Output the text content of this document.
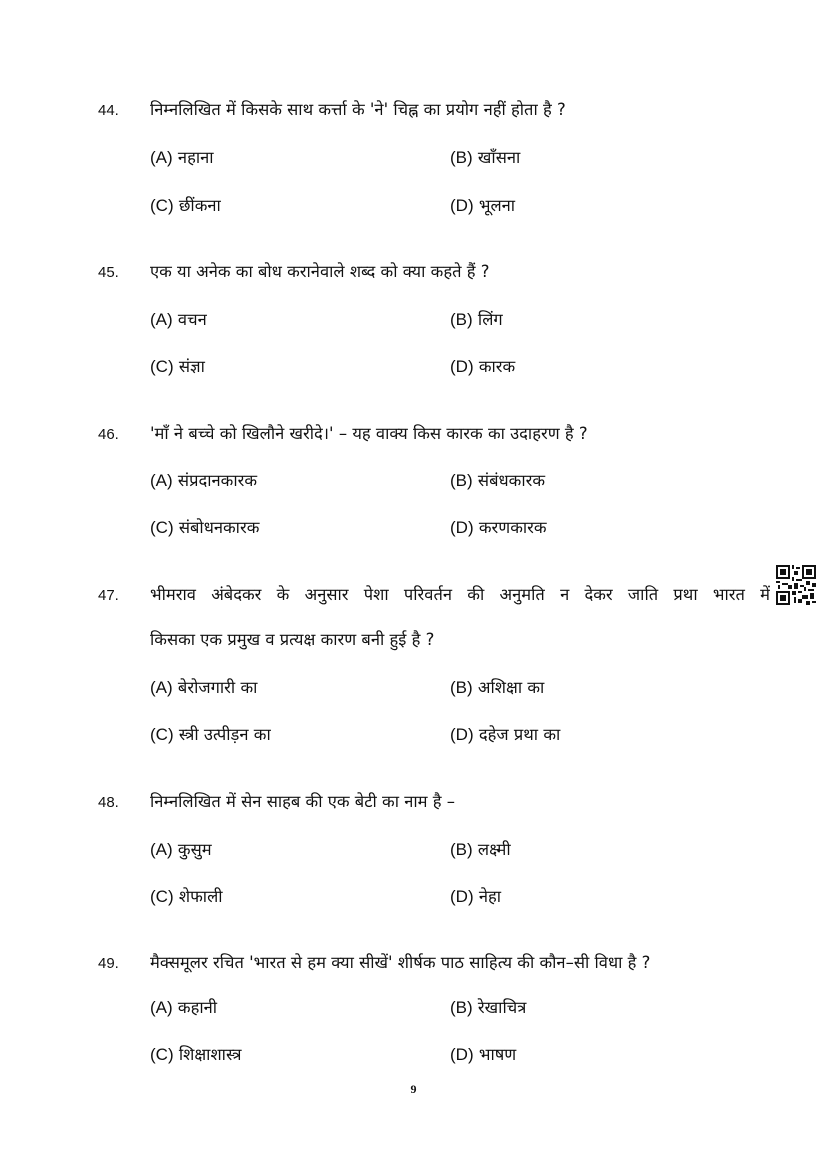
44. निम्नलिखित में किसके साथ कर्त्ता के 'ने' चिह्न का प्रयोग नहीं होता है ?
(A) नहाना	(B) खाँसना
(C) छींकना	(D) भूलना
45. एक या अनेक का बोध करानेवाले शब्द को क्या कहते हैं ?
(A) वचन	(B) लिंग
(C) संज्ञा	(D) कारक
46. 'माँ ने बच्चे को खिलौने खरीदे।' – यह वाक्य किस कारक का उदाहरण है ?
(A) संप्रदानकारक	(B) संबंधकारक
(C) संबोधनकारक	(D) करणकारक
47. भीमराव अंबेदकर के अनुसार पेशा परिवर्तन की अनुमति न देकर जाति प्रथा भारत में
किसका एक प्रमुख व प्रत्यक्ष कारण बनी हुई है ?
(A) बेरोजगारी का	(B) अशिक्षा का
(C) स्त्री उत्पीड़न का	(D) दहेज प्रथा का
48. निम्नलिखित में सेन साहब की एक बेटी का नाम है –
(A) कुसुम	(B) लक्ष्मी
(C) शेफाली	(D) नेहा
49. मैक्समूलर रचित 'भारत से हम क्या सीखें' शीर्षक पाठ साहित्य की कौन–सी विधा है ?
(A) कहानी	(B) रेखाचित्र
(C) शिक्षाशास्त्र	(D) भाषण
9
